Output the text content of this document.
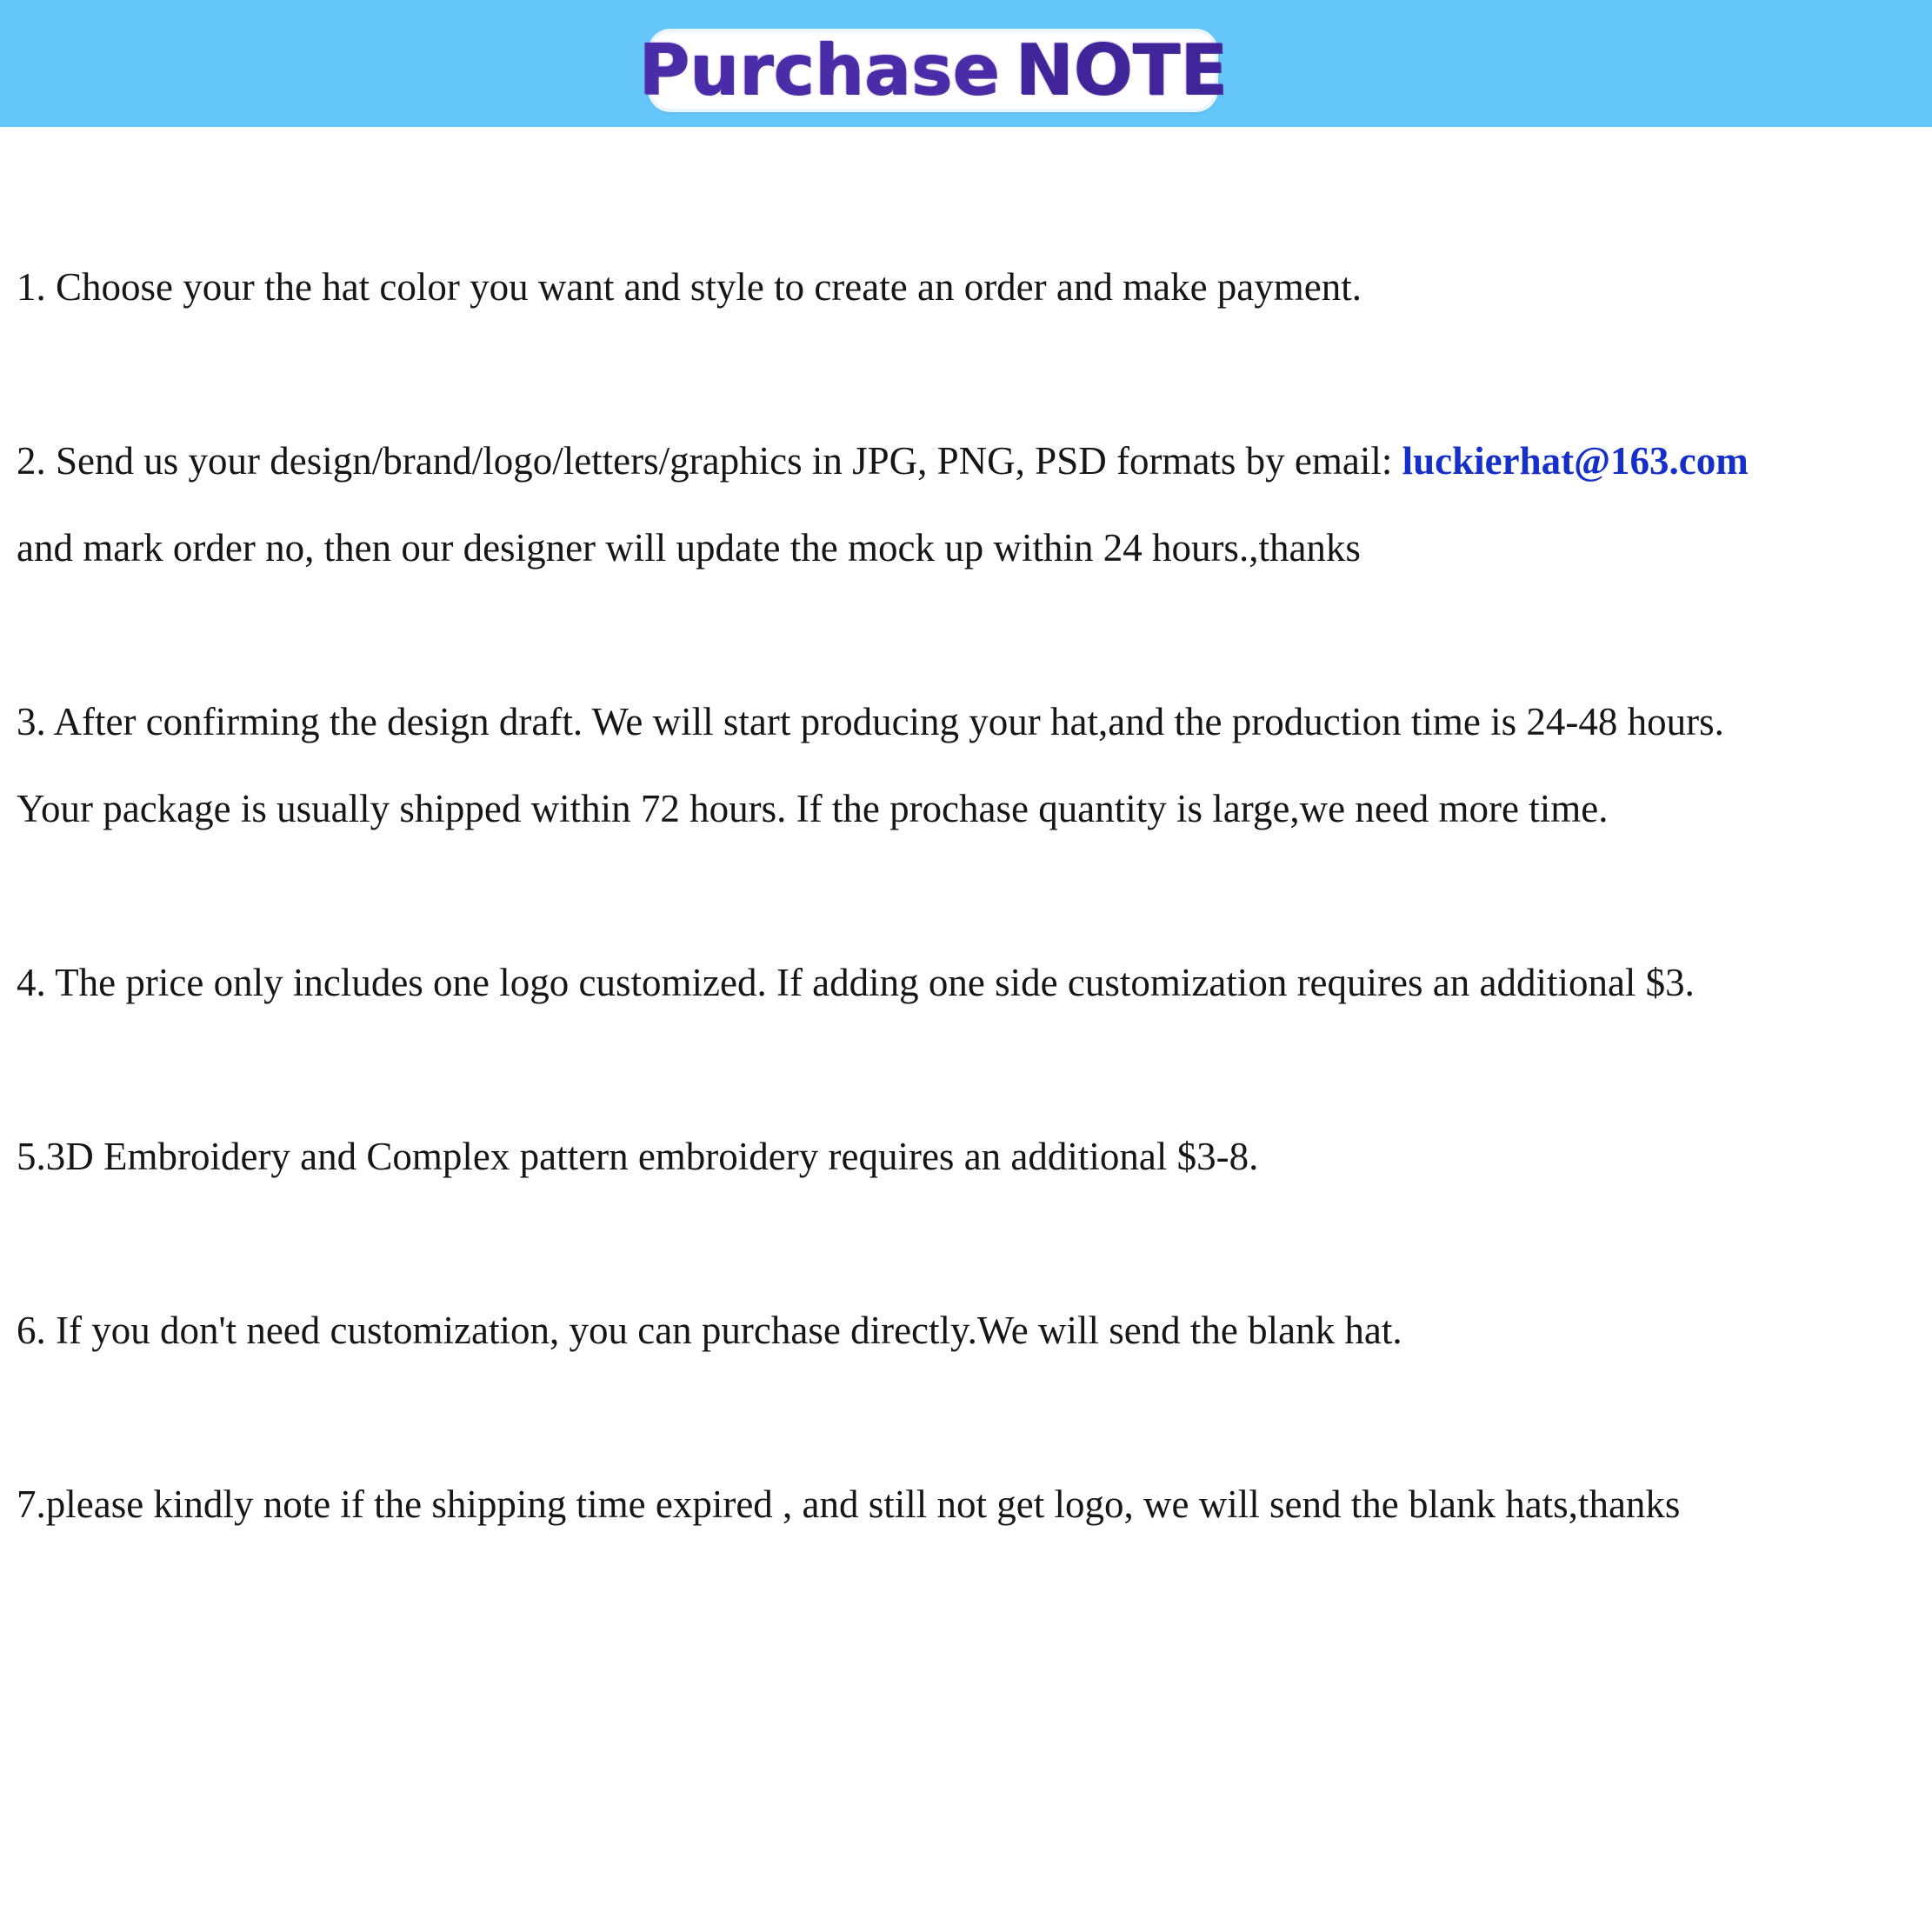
Purchase NOTE
1. Choose your the hat color you want and style to create an order and make payment.
2. Send us your design/brand/logo/letters/graphics in JPG, PNG, PSD formats by email: luckierhat@163.com
and mark order no, then our designer will update the mock up within 24 hours.,thanks
3. After confirming the design draft. We will start producing your hat,and the production time is 24-48 hours.
Your package is usually shipped within 72 hours. If the prochase quantity is large,we need more time.
4. The price only includes one logo customized. If adding one side customization requires an additional $3.
5.3D Embroidery and Complex pattern embroidery requires an additional $3-8.
6. If you don't need customization, you can purchase directly.We will send the blank hat.
7.please kindly note if the shipping time expired , and still not get logo, we will send the blank hats,thanks
